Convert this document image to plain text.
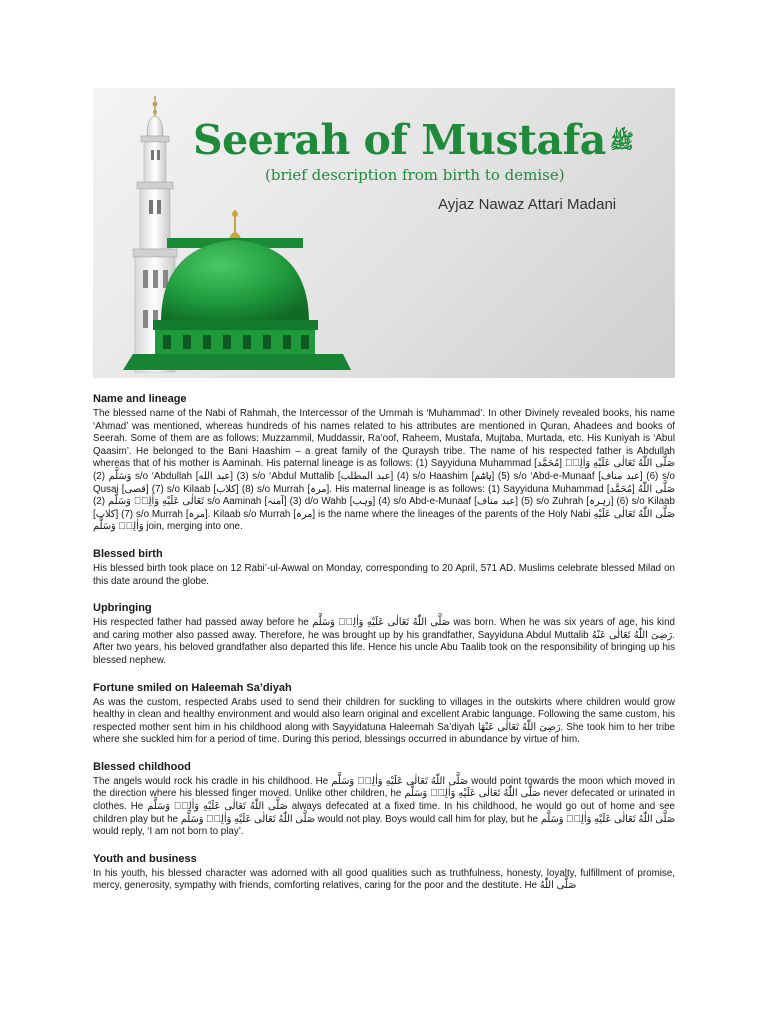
Seerah of Mustafa ﷺ
(brief description from birth to demise)
Ayjaz Nawaz Attari Madani
Name and lineage

The blessed name of the Nabi of Rahmah, the Intercessor of the Ummah is ‘Muhammad’. In other Divinely revealed books, his name ‘Ahmad’ was mentioned, whereas hundreds of his names related to his attributes are mentioned in Quran, Ahadees and books of Seerah. Some of them are as follows: Muzzammil, Muddassir, Ra’oof, Raheem, Mustafa, Mujtaba, Murtada, etc. His Kuniyah is ‘Abul Qaasim’. He belonged to the Bani Haashim – a great family of the Quraysh tribe. The name of his respected father is Abdullah whereas that of his mother is Aaminah. His paternal lineage is as follows: (1) Sayyiduna Muhammad [مُحَمَّد] صَلَّى اللّٰهُ تَعَالٰى عَلَيْهِ وَاٰلِهٖ وَسَلَّم (2) s/o ‘Abdullah [عبد الله] (3) s/o ‘Abdul Muttalib [عبد المطلب] (4) s/o Haashim [ہاشم] (5) s/o ‘Abd-e-Munaaf [عبد مناف] (6) s/o Qusai [قصی] (7) s/o Kilaab [کلاب] (8) s/o Murrah [مرہ]. His maternal lineage is as follows: (1) Sayyiduna Muhammad [مُحَمَّد] صَلَّى اللّٰهُ تَعَالٰى عَلَيْهِ وَاٰلِهٖ وَسَلَّم (2) s/o Aaminah [آمنہ] (3) d/o Wahb [وہب] (4) s/o Abd-e-Munaaf [عبد مناف] (5) s/o Zuhrah [زہرہ] (6) s/o Kilaab [کلاب] (7) s/o Murrah [مرہ]. Kilaab s/o Murrah [مرہ] is the name where the lineages of the parents of the Holy Nabi صَلَّى اللّٰهُ تَعَالٰى عَلَيْهِ وَاٰلِهٖ وَسَلَّم join, merging into one.

Blessed birth

His blessed birth took place on 12 Rabi’-ul-Awwal on Monday, corresponding to 20 April, 571 AD. Muslims celebrate blessed Milad on this date around the globe.

Upbringing

His respected father had passed away before he صَلَّى اللّٰهُ تَعَالٰى عَلَيْهِ وَاٰلِهٖ وَسَلَّم was born. When he was six years of age, his kind and caring mother also passed away. Therefore, he was brought up by his grandfather, Sayyiduna Abdul Muttalib رَضِىَ اللّٰهُ تَعَالٰى عَنْهُ. After two years, his beloved grandfather also departed this life. Hence his uncle Abu Taalib took on the responsibility of bringing up his blessed nephew.

Fortune smiled on Haleemah Sa’diyah

As was the custom, respected Arabs used to send their children for suckling to villages in the outskirts where children would grow healthy in clean and healthy environment and would also learn original and excellent Arabic language. Following the same custom, his respected mother sent him in his childhood along with Sayyidatuna Haleemah Sa’diyah رَضِىَ اللّٰهُ تَعَالٰى عَنْهَا. She took him to her tribe where she suckled him for a period of time. During this period, blessings occurred in abundance by virtue of him.

Blessed childhood

The angels would rock his cradle in his childhood. He صَلَّى اللّٰهُ تَعَالٰى عَلَيْهِ وَاٰلِهٖ وَسَلَّم would point towards the moon which moved in the direction where his blessed finger moved. Unlike other children, he صَلَّى اللّٰهُ تَعَالٰى عَلَيْهِ وَاٰلِهٖ وَسَلَّم never defecated or urinated in clothes. He صَلَّى اللّٰهُ تَعَالٰى عَلَيْهِ وَاٰلِهٖ وَسَلَّم always defecated at a fixed time. In his childhood, he would go out of home and see children play but he صَلَّى اللّٰهُ تَعَالٰى عَلَيْهِ وَاٰلِهٖ وَسَلَّم would not play. Boys would call him for play, but he صَلَّى اللّٰهُ تَعَالٰى عَلَيْهِ وَاٰلِهٖ وَسَلَّم would reply, ‘I am not born to play’.

Youth and business

In his youth, his blessed character was adorned with all good qualities such as truthfulness, honesty, loyalty, fulfillment of promise, mercy, generosity, sympathy with friends, comforting relatives, caring for the poor and the destitute. He صَلَّى اللّٰهُ
